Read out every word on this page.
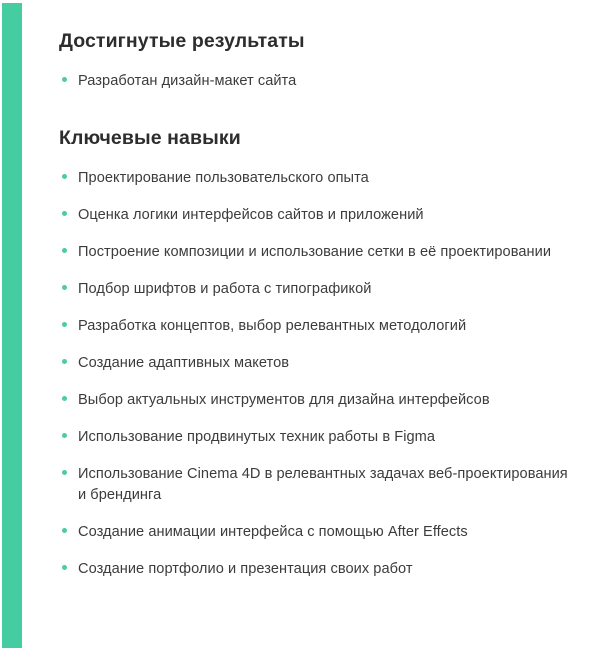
Достигнутые результаты
Разработан дизайн-макет сайта
Ключевые навыки
Проектирование пользовательского опыта
Оценка логики интерфейсов сайтов и приложений
Построение композиции и использование сетки в её проектировании
Подбор шрифтов и работа с типографикой
Разработка концептов, выбор релевантных методологий
Создание адаптивных макетов
Выбор актуальных инструментов для дизайна интерфейсов
Использование продвинутых техник работы в Figma
Использование Cinema 4D в релевантных задачах веб-проектирования и брендинга
Создание анимации интерфейса с помощью After Effects
Создание портфолио и презентация своих работ
